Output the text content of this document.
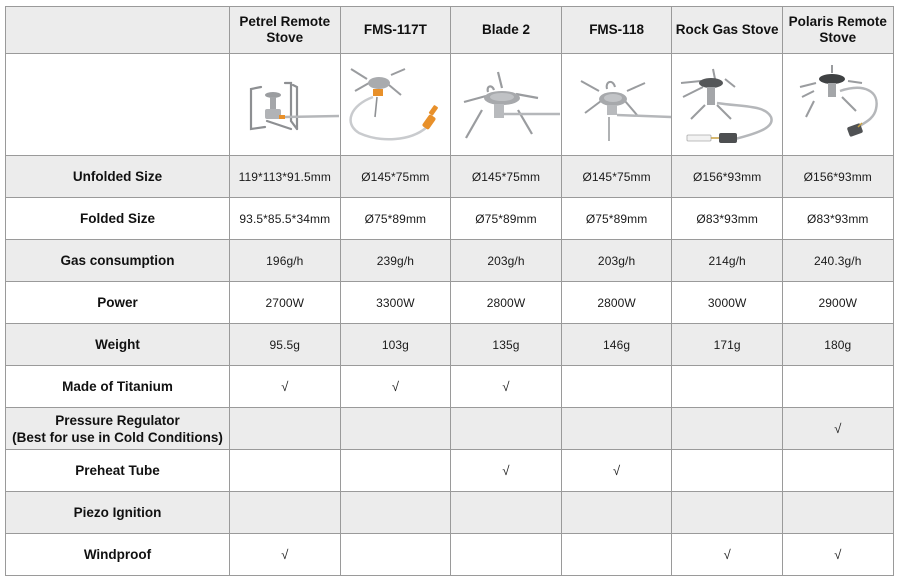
	Petrel Remote Stove	FMS-117T	Blade 2	FMS-118	Rock Gas Stove	Polaris Remote Stove

Unfolded Size	119*113*91.5mm	Ø145*75mm	Ø145*75mm	Ø145*75mm	Ø156*93mm	Ø156*93mm
Folded Size	93.5*85.5*34mm	Ø75*89mm	Ø75*89mm	Ø75*89mm	Ø83*93mm	Ø83*93mm
Gas consumption	196g/h	239g/h	203g/h	203g/h	214g/h	240.3g/h
Power	2700W	3300W	2800W	2800W	3000W	2900W
Weight	95.5g	103g	135g	146g	171g	180g
Made of Titanium	√	√	√			
Pressure Regulator
(Best for use in Cold Conditions)						√
Preheat Tube			√	√		
Piezo Ignition						
Windproof	√				√	√
